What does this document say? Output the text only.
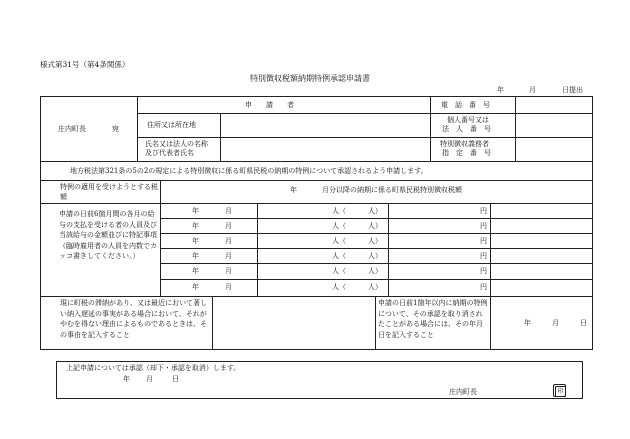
様式第31号（第4条関係）
特別徴収税額納期特例承認申請書
年	月	日提出
庄内町長	宛
申　　請　　者
住所又は所在地
氏名又は法人の名称
及び代表者氏名
電　話　番　号
個人番号又は
法　人　番　号
特別徴収義務者
指　定　番　号
地方税法第321条の5の2の規定による特別徴収に係る町県民税の納期の特例について承認されるよう申請します。
特例の適用を受けようとする税額
年	月分以降の納期に係る町県民税特別徴収税額
申請の日前6箇月間の各月の給与の支払を受ける者の人員及び当該給与の金額並びに特記事項（臨時雇用者の人員を内数でカッコ書きしてください。）
年	月	人（	人）	円
年	月	人（	人）	円
年	月	人（	人）	円
年	月	人（	人）	円
年	月	人（	人）	円
年	月	人（	人）	円
現に町税の滞納があり、又は最近において著しい納入遅延の事実がある場合において、それがやむを得ない理由によるものであるときは、その事由を記入すること
申請の日前1箇年以内に納期の特例について、その承認を取り消されたことがある場合には、その年月日を記入すること
年	月	日
上記申請については承認（却下・承認を取消）します。
年 月	日
庄内町長	印
